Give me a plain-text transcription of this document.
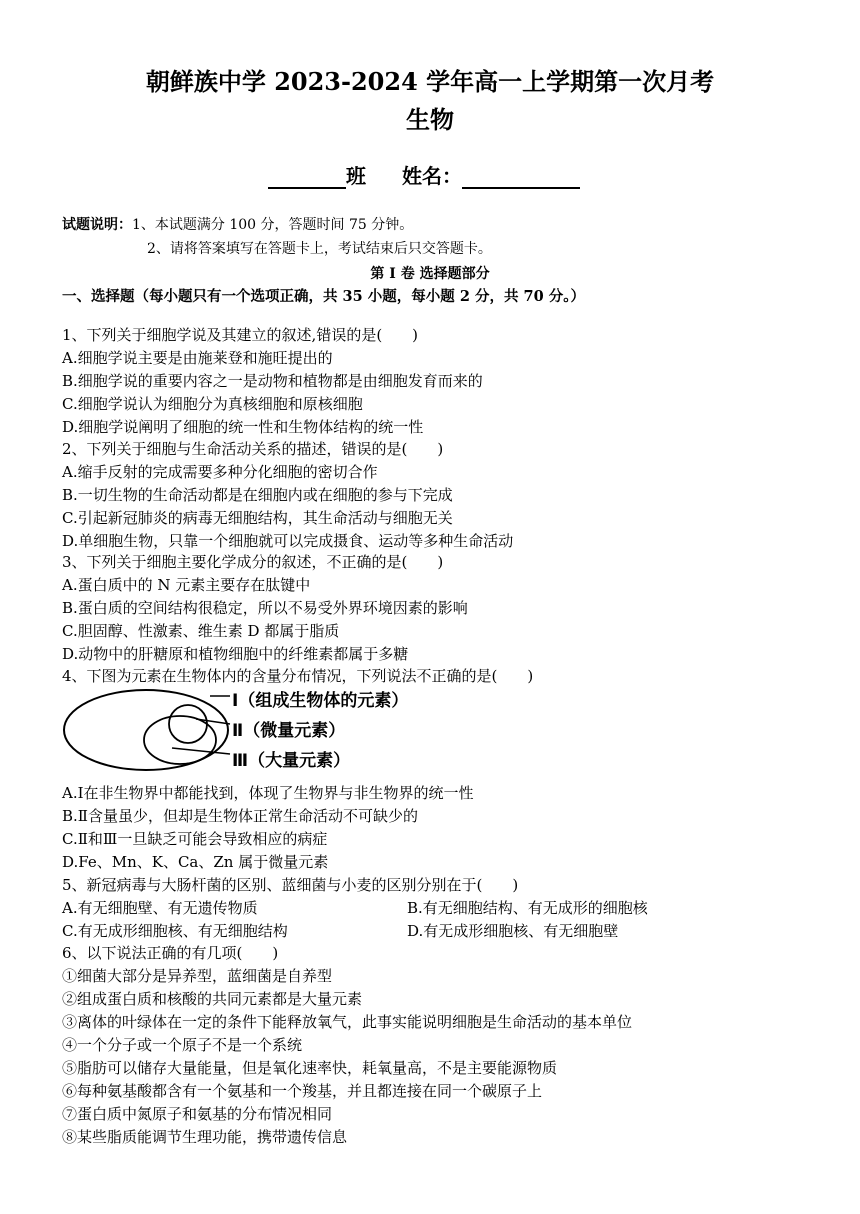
朝鲜族中学 2023-2024 学年高一上学期第一次月考
生物
班 姓名：
试题说明：1、本试题满分 100 分，答题时间 75 分钟。
2、请将答案填写在答题卡上，考试结束后只交答题卡。
第 I 卷 选择题部分
一、选择题（每小题只有一个选项正确，共 35 小题，每小题 2 分，共 70 分。）
1、下列关于细胞学说及其建立的叙述,错误的是(　　)
A.细胞学说主要是由施莱登和施旺提出的
B.细胞学说的重要内容之一是动物和植物都是由细胞发育而来的
C.细胞学说认为细胞分为真核细胞和原核细胞
D.细胞学说阐明了细胞的统一性和生物体结构的统一性
2、下列关于细胞与生命活动关系的描述，错误的是(　　)
A.缩手反射的完成需要多种分化细胞的密切合作
B.一切生物的生命活动都是在细胞内或在细胞的参与下完成
C.引起新冠肺炎的病毒无细胞结构，其生命活动与细胞无关
D.单细胞生物，只靠一个细胞就可以完成摄食、运动等多种生命活动
3、下列关于细胞主要化学成分的叙述，不正确的是(　　)
A.蛋白质中的 N 元素主要存在肽键中
B.蛋白质的空间结构很稳定，所以不易受外界环境因素的影响
C.胆固醇、性激素、维生素 D 都属于脂质
D.动物中的肝糖原和植物细胞中的纤维素都属于多糖
4、下图为元素在生物体内的含量分布情况，下列说法不正确的是(　　)
Ⅰ（组成生物体的元素）
Ⅱ（微量元素）
Ⅲ（大量元素）
A.Ⅰ在非生物界中都能找到，体现了生物界与非生物界的统一性
B.Ⅱ含量虽少，但却是生物体正常生命活动不可缺少的
C.Ⅱ和Ⅲ一旦缺乏可能会导致相应的病症
D.Fe、Mn、K、Ca、Zn 属于微量元素
5、新冠病毒与大肠杆菌的区别、蓝细菌与小麦的区别分别在于(　　)
A.有无细胞壁、有无遗传物质	B.有无细胞结构、有无成形的细胞核
C.有无成形细胞核、有无细胞结构	D.有无成形细胞核、有无细胞壁
6、以下说法正确的有几项(　　)
①细菌大部分是异养型，蓝细菌是自养型
②组成蛋白质和核酸的共同元素都是大量元素
③离体的叶绿体在一定的条件下能释放氧气，此事实能说明细胞是生命活动的基本单位
④一个分子或一个原子不是一个系统
⑤脂肪可以储存大量能量，但是氧化速率快，耗氧量高，不是主要能源物质
⑥每种氨基酸都含有一个氨基和一个羧基，并且都连接在同一个碳原子上
⑦蛋白质中氮原子和氨基的分布情况相同
⑧某些脂质能调节生理功能，携带遗传信息
